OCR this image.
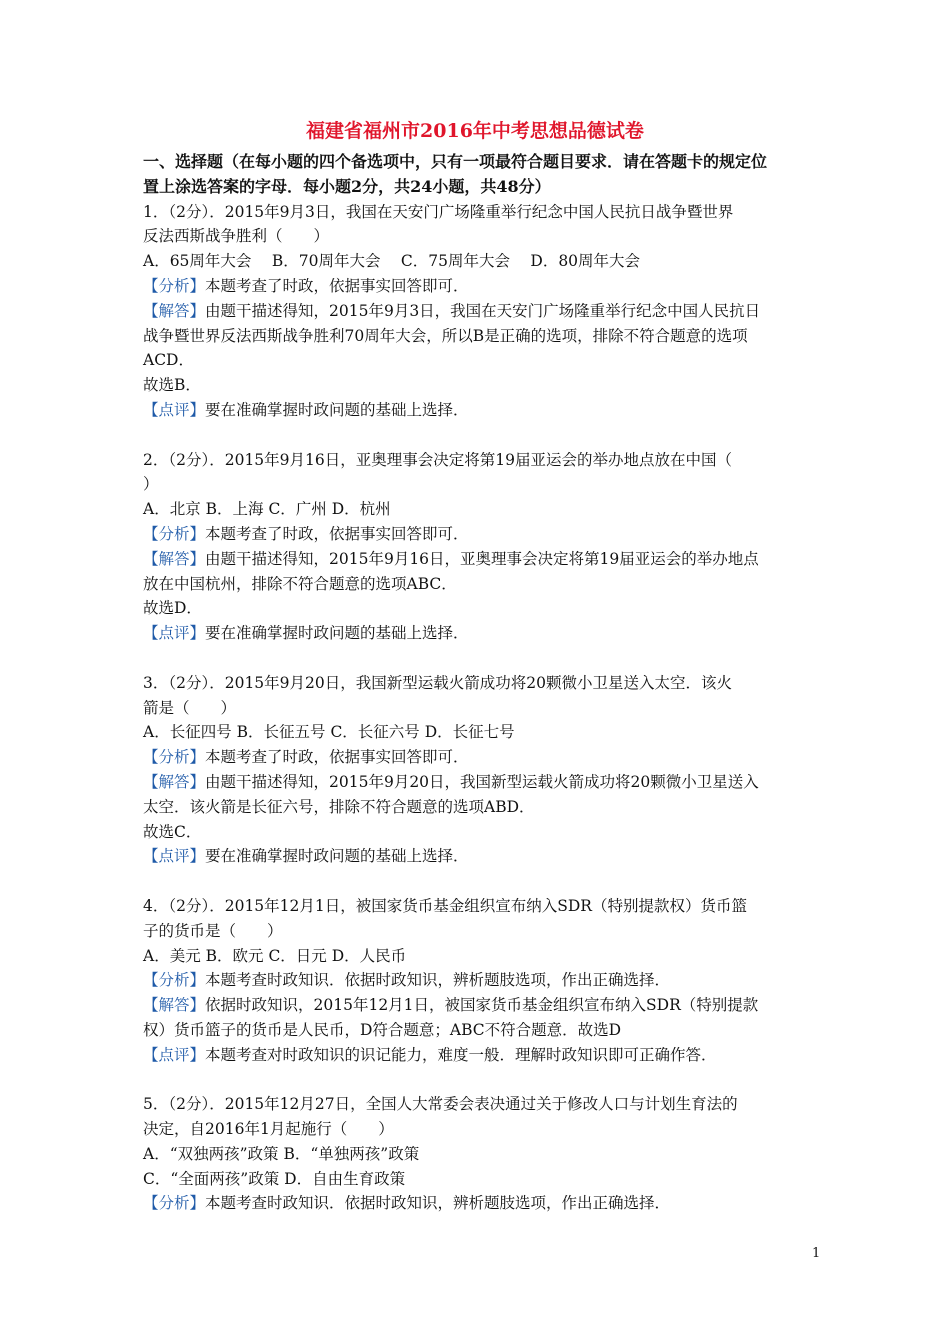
福建省福州市2016年中考思想品德试卷
一、选择题（在每小题的四个备选项中，只有一项最符合题目要求．请在答题卡的规定位
置上涂选答案的字母．每小题2分，共24小题，共48分）
1．（2分）．2015年9月3日，我国在天安门广场隆重举行纪念中国人民抗日战争暨世界
反法西斯战争胜利（　　）
A．65周年大会　 B．70周年大会　 C．75周年大会　 D．80周年大会
【分析】本题考查了时政，依据事实回答即可．
【解答】由题干描述得知，2015年9月3日，我国在天安门广场隆重举行纪念中国人民抗日
战争暨世界反法西斯战争胜利70周年大会，所以B是正确的选项，排除不符合题意的选项
ACD．
故选B．
【点评】要在准确掌握时政问题的基础上选择．
2．（2分）．2015年9月16日，亚奥理事会决定将第19届亚运会的举办地点放在中国（
）
A．北京 B．上海 C．广州 D．杭州
【分析】本题考查了时政，依据事实回答即可．
【解答】由题干描述得知，2015年9月16日，亚奥理事会决定将第19届亚运会的举办地点
放在中国杭州，排除不符合题意的选项ABC．
故选D．
【点评】要在准确掌握时政问题的基础上选择．
3．（2分）．2015年9月20日，我国新型运载火箭成功将20颗微小卫星送入太空．该火
箭是（　　）
A．长征四号 B．长征五号 C．长征六号 D．长征七号
【分析】本题考查了时政，依据事实回答即可．
【解答】由题干描述得知，2015年9月20日，我国新型运载火箭成功将20颗微小卫星送入
太空．该火箭是长征六号，排除不符合题意的选项ABD．
故选C．
【点评】要在准确掌握时政问题的基础上选择．
4．（2分）．2015年12月1日，被国家货币基金组织宣布纳入SDR（特别提款权）货币篮
子的货币是（　　）
A．美元 B．欧元 C．日元 D．人民币
【分析】本题考查时政知识．依据时政知识，辨析题肢选项，作出正确选择．
【解答】依据时政知识，2015年12月1日，被国家货币基金组织宣布纳入SDR（特别提款
权）货币篮子的货币是人民币，D符合题意；ABC不符合题意．故选D
【点评】本题考查对时政知识的识记能力，难度一般．理解时政知识即可正确作答．
5．（2分）．2015年12月27日，全国人大常委会表决通过关于修改人口与计划生育法的
决定，自2016年1月起施行（　　）
A．“双独两孩”政策 B．“单独两孩”政策
C．“全面两孩”政策 D．自由生育政策
【分析】本题考查时政知识．依据时政知识，辨析题肢选项，作出正确选择．
1
